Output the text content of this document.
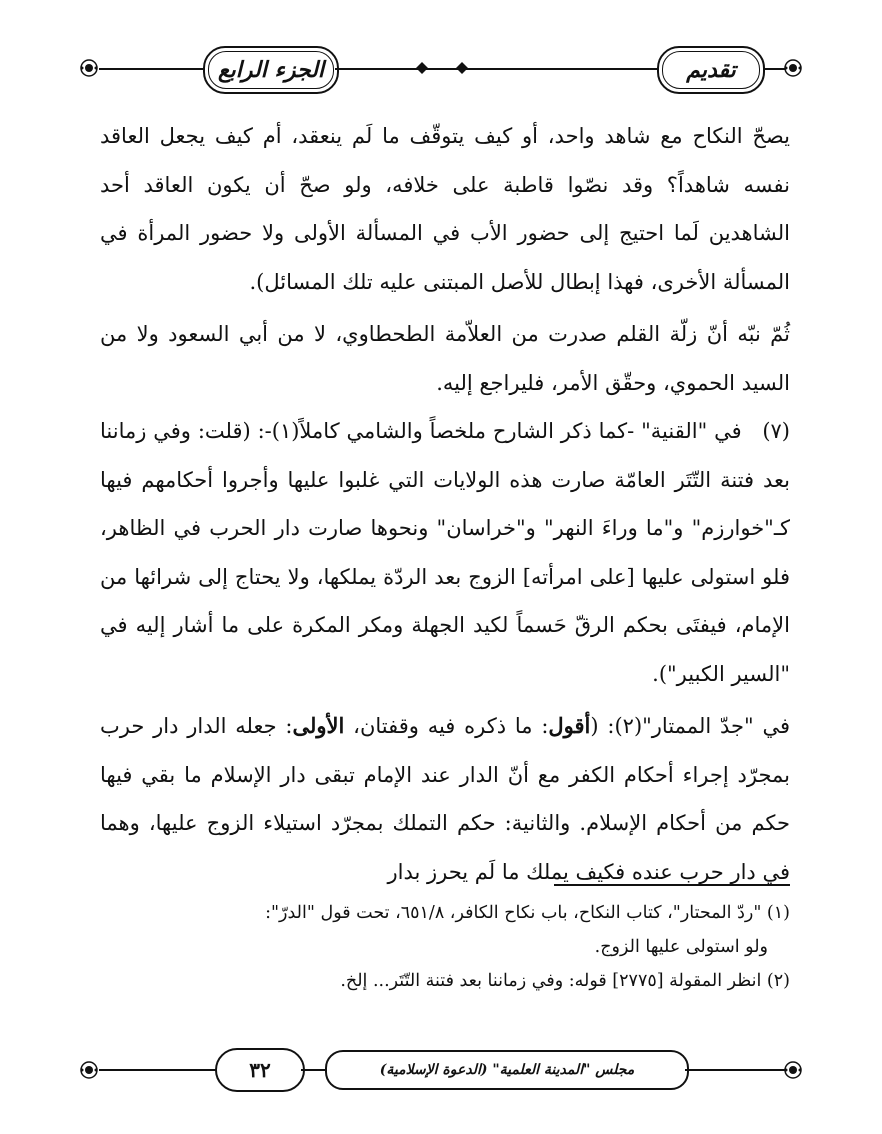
الجزء الرابع	تقديم

يصحّ النكاح مع شاهد واحد، أو كيف يتوقّف ما لَم ينعقد، أم كيف يجعل العاقد نفسه شاهداً؟ وقد نصّوا قاطبة على خلافه، ولو صحّ أن يكون العاقد أحد الشاهدين لَما احتيج إلى حضور الأب في المسألة الأولى ولا حضور المرأة في المسألة الأخرى، فهذا إبطال للأصل المبتنى عليه تلك المسائل).

ثُمّ نبّه أنّ زلّة القلم صدرت من العلاّمة الطحطاوي، لا من أبي السعود ولا من السيد الحموي، وحقّق الأمر، فليراجع إليه.

(٧)   في "القنية" -كما ذكر الشارح ملخصاً والشامي كاملاً(١)-: (قلت: وفي زماننا بعد فتنة التّتَر العامّة صارت هذه الولايات التي غلبوا عليها وأجروا أحكامهم فيها كـ"خوارزم" و"ما وراءَ النهر" و"خراسان" ونحوها صارت دار الحرب في الظاهر، فلو استولى عليها [على امرأته] الزوج بعد الردّة يملكها، ولا يحتاج إلى شرائها من الإمام، فيفتَى بحكم الرقّ حَسماً لكيد الجهلة ومكر المكرة على ما أشار إليه في "السير الكبير").

في "جدّ الممتار"(٢): (أقول: ما ذكره فيه وقفتان، الأولى: جعله الدار دار حرب بمجرّد إجراء أحكام الكفر مع أنّ الدار عند الإمام تبقى دار الإسلام ما بقي فيها حكم من أحكام الإسلام. والثانية: حكم التملك بمجرّد استيلاء الزوج عليها، وهما في دار حرب عنده فكيف يملك ما لَم يحرز بدار

(١) "ردّ المحتار"، كتاب النكاح، باب نكاح الكافر، ٦٥١/٨، تحت قول "الدرّ":

ولو استولى عليها الزوج.

(٢) انظر المقولة [٢٧٧٥] قوله: وفي زماننا بعد فتنة التّتَر... إلخ.

٣٢	مجلس "المدينة العلمية" (الدعوة الإسلامية)
